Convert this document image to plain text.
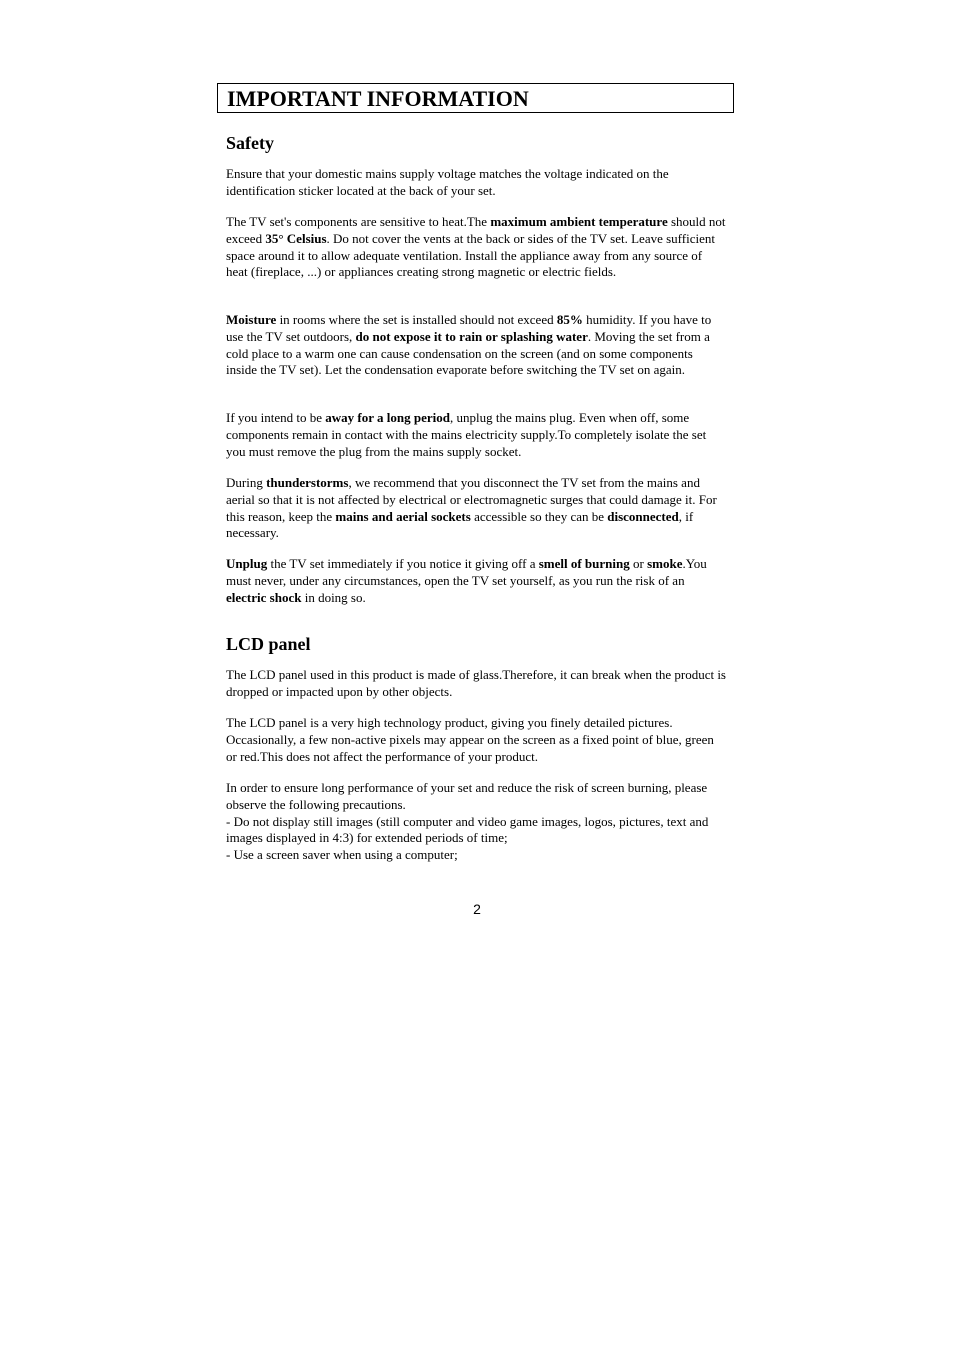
IMPORTANT INFORMATION
Safety

Ensure that your domestic mains supply voltage matches the voltage indicated on the identification sticker located at the back of your set.

The TV set's components are sensitive to heat.The maximum ambient temperature should not exceed 35° Celsius. Do not cover the vents at the back or sides of the TV set. Leave sufficient space around it to allow adequate ventilation. Install the appliance away from any source of heat (fireplace, ...) or appliances creating strong magnetic or electric fields.

Moisture in rooms where the set is installed should not exceed 85% humidity. If you have to use the TV set outdoors, do not expose it to rain or splashing water. Moving the set from a cold place to a warm one can cause condensation on the screen (and on some components inside the TV set). Let the condensation evaporate before switching the TV set on again.

If you intend to be away for a long period, unplug the mains plug. Even when off, some components remain in contact with the mains electricity supply.To completely isolate the set you must remove the plug from the mains supply socket.

During thunderstorms, we recommend that you disconnect the TV set from the mains and aerial so that it is not affected by electrical or electromagnetic surges that could damage it. For this reason, keep the mains and aerial sockets accessible so they can be disconnected, if necessary.

Unplug the TV set immediately if you notice it giving off a smell of burning or smoke.You must never, under any circumstances, open the TV set yourself, as you run the risk of an electric shock in doing so.

LCD panel

The LCD panel used in this product is made of glass.Therefore, it can break when the product is dropped or impacted upon by other objects.

The LCD panel is a very high technology product, giving you finely detailed pictures. Occasionally, a few non-active pixels may appear on the screen as a fixed point of blue, green or red.This does not affect the performance of your product.

In order to ensure long performance of your set and reduce the risk of screen burning, please observe the following precautions.
- Do not display still images (still computer and video game images, logos, pictures, text and images displayed in 4:3) for extended periods of time;
- Use a screen saver when using a computer;

2
